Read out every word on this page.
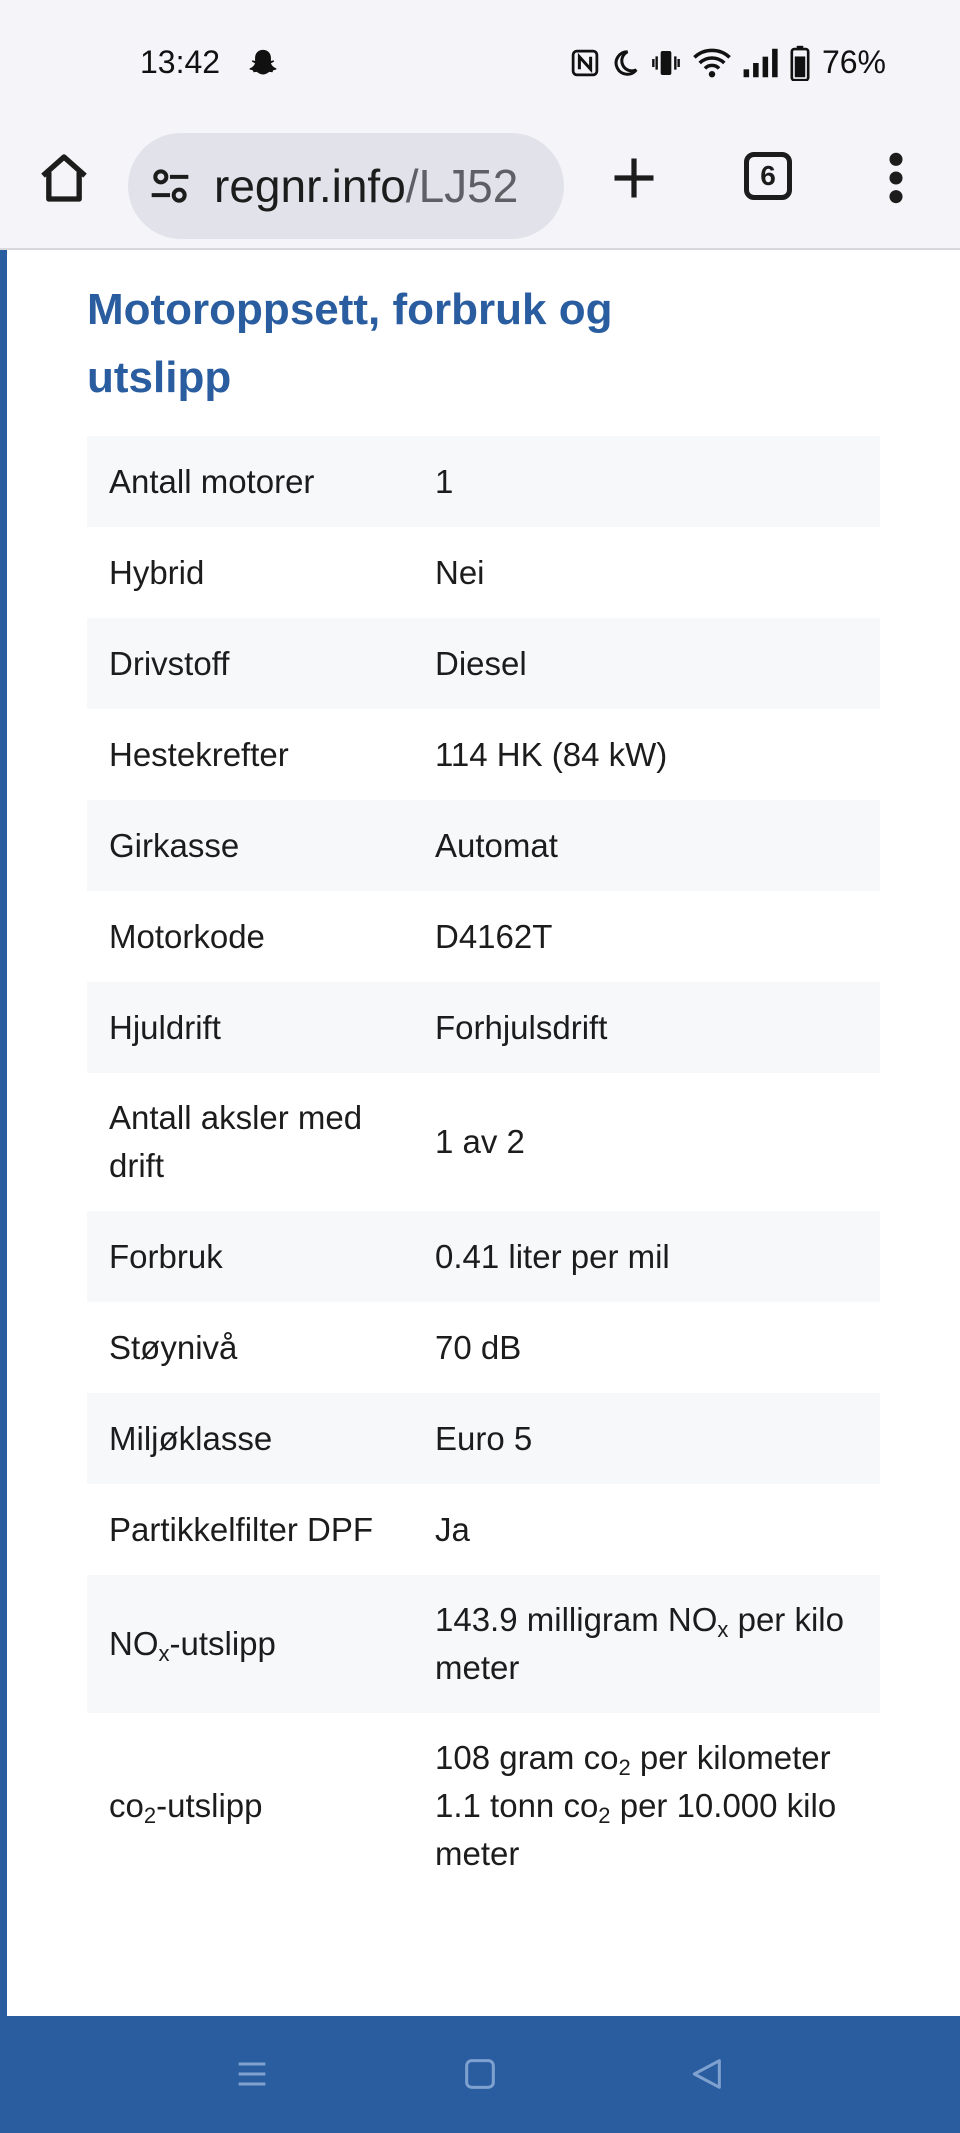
13:42	76%
regnr.info/LJ52	6
Motoroppsett, forbruk og utslipp
Antall motorer	1
Hybrid	Nei
Drivstoff	Diesel
Hestekrefter	114 HK (84 kW)
Girkasse	Automat
Motorkode	D4162T
Hjuldrift	Forhjulsdrift
Antall aksler med drift	1 av 2
Forbruk	0.41 liter per mil
Støynivå	70 dB
Miljøklasse	Euro 5
Partikkelfilter DPF	Ja
$NO_x$-utslipp	143.9 milligram $NO_x$ per kilometer
$co_2$-utslipp	108 gram $co_2$ per kilometer
1.1 tonn $co_2$ per 10.000 kilometer
